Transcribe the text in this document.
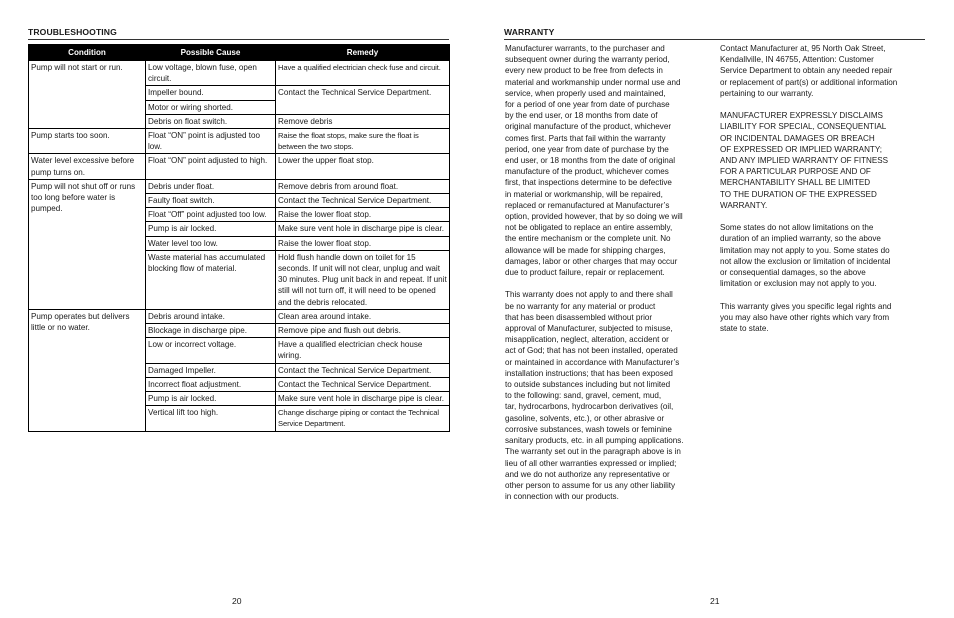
TROUBLESHOOTING
Condition	Possible Cause	Remedy
Pump will not start or run.	Low voltage, blown fuse, open circuit.	Have a qualified electrician check fuse and circuit.
	Impeller bound.	Contact the Technical Service Department.
	Motor or wiring shorted.	
	Debris on float switch.	Remove debris
Pump starts too soon.	Float “ON” point is adjusted too low.	Raise the float stops, make sure the float is between the two stops.
Water level excessive before pump turns on.	Float “ON” point adjusted to high.	Lower the upper float stop.
Pump will not shut off or runs too long before water is pumped.	Debris under float.	Remove debris from around float.
	Faulty float switch.	Contact the Technical Service Department.
	Float “Off” point adjusted too low.	Raise the lower float stop.
	Pump is air locked.	Make sure vent hole in discharge pipe is clear.
	Water level too low.	Raise the lower float stop.
	Waste material has accumulated blocking flow of material.	Hold flush handle down on toilet for 15 seconds. If unit will not clear, unplug and wait 30 minutes. Plug unit back in and repeat. If unit still will not turn off, it will need to be opened and the debris relocated.
Pump operates but delivers little or no water.	Debris around intake.	Clean area around intake.
	Blockage in discharge pipe.	Remove pipe and flush out debris.
	Low or incorrect voltage.	Have a qualified electrician check house wiring.
	Damaged Impeller.	Contact the Technical Service Department.
	Incorrect float adjustment.	Contact the Technical Service Department.
	Pump is air locked.	Make sure vent hole in discharge pipe is clear.
	Vertical lift too high.	Change discharge piping or contact the Technical Service Department.
20
WARRANTY

Manufacturer warrants, to the purchaser and
subsequent owner during the warranty period,
every new product to be free from defects in
material and workmanship under normal use and
service, when properly used and maintained,
for a period of one year from date of purchase
by the end user, or 18 months from date of
original manufacture of the product, whichever
comes first. Parts that fail within the warranty
period, one year from date of purchase by the
end user, or 18 months from the date of original
manufacture of the product, whichever comes
first, that inspections determine to be defective
in material or workmanship, will be repaired,
replaced or remanufactured at Manufacturer’s
option, provided however, that by so doing we will
not be obligated to replace an entire assembly,
the entire mechanism or the complete unit. No
allowance will be made for shipping charges,
damages, labor or other charges that may occur
due to product failure, repair or replacement.

This warranty does not apply to and there shall
be no warranty for any material or product
that has been disassembled without prior
approval of Manufacturer, subjected to misuse,
misapplication, neglect, alteration, accident or
act of God; that has not been installed, operated
or maintained in accordance with Manufacturer’s
installation instructions; that has been exposed
to outside substances including but not limited
to the following: sand, gravel, cement, mud,
tar, hydrocarbons, hydrocarbon derivatives (oil,
gasoline, solvents, etc.), or other abrasive or
corrosive substances, wash towels or feminine
sanitary products, etc. in all pumping applications.
The warranty set out in the paragraph above is in
lieu of all other warranties expressed or implied;
and we do not authorize any representative or
other person to assume for us any other liability
in connection with our products.

Contact Manufacturer at, 95 North Oak Street,
Kendallville, IN 46755, Attention: Customer
Service Department to obtain any needed repair
or replacement of part(s) or additional information
pertaining to our warranty.

MANUFACTURER EXPRESSLY DISCLAIMS
LIABILITY FOR SPECIAL, CONSEQUENTIAL
OR INCIDENTAL DAMAGES OR BREACH
OF EXPRESSED OR IMPLIED WARRANTY;
AND ANY IMPLIED WARRANTY OF FITNESS
FOR A PARTICULAR PURPOSE AND OF
MERCHANTABILITY SHALL BE LIMITED
TO THE DURATION OF THE EXPRESSED
WARRANTY.

Some states do not allow limitations on the
duration of an implied warranty, so the above
limitation may not apply to you. Some states do
not allow the exclusion or limitation of incidental
or consequential damages, so the above
limitation or exclusion may not apply to you.

This warranty gives you specific legal rights and
you may also have other rights which vary from
state to state.

21
